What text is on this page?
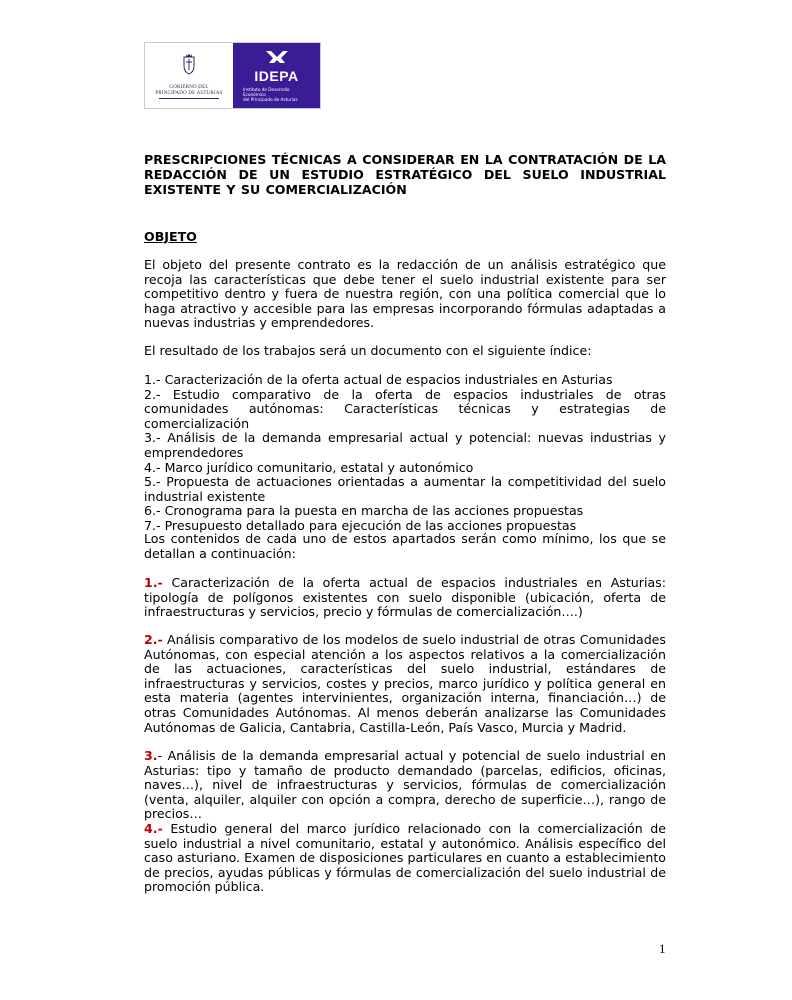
GOBIERNO DEL
PRINCIPADO DE ASTURIAS
IDEPA
Instituto de Desarrollo Económico
del Principado de Asturias
PRESCRIPCIONES TÉCNICAS A CONSIDERAR EN LA CONTRATACIÓN DE LA REDACCIÓN DE UN ESTUDIO ESTRATÉGICO DEL SUELO INDUSTRIAL EXISTENTE Y SU COMERCIALIZACIÓN
OBJETO

El objeto del presente contrato es la redacción de un análisis estratégico que recoja las características que debe tener el suelo industrial existente para ser competitivo dentro y fuera de nuestra región, con una política comercial que lo haga atractivo y accesible para las empresas incorporando fórmulas adaptadas a nuevas industrias y emprendedores.

El resultado de los trabajos será un documento con el siguiente índice:

1.- Caracterización de la oferta actual de espacios industriales en Asturias
2.- Estudio comparativo de la oferta de espacios industriales de otras comunidades autónomas: Características técnicas y estrategias de comercialización
3.- Análisis de la demanda empresarial actual y potencial: nuevas industrias y emprendedores
4.- Marco jurídico comunitario, estatal y autonómico
5.- Propuesta de actuaciones orientadas a aumentar la competitividad del suelo industrial existente
6.- Cronograma para la puesta en marcha de las acciones propuestas
7.- Presupuesto detallado para ejecución de las acciones propuestas

Los contenidos de cada uno de estos apartados serán como mínimo, los que se detallan a continuación:

1.- Caracterización de la oferta actual de espacios industriales en Asturias: tipología de polígonos existentes con suelo disponible (ubicación, oferta de infraestructuras y servicios, precio y fórmulas de comercialización….)

2.- Análisis comparativo de los modelos de suelo industrial de otras Comunidades Autónomas, con especial atención a los aspectos relativos a la comercialización de las actuaciones, características del suelo industrial, estándares de infraestructuras y servicios, costes y precios, marco jurídico y política general en esta materia (agentes intervinientes, organización interna, financiación…) de otras Comunidades Autónomas. Al menos deberán analizarse las Comunidades Autónomas de Galicia, Cantabria, Castilla-León, País Vasco, Murcia y Madrid.

3.- Análisis de la demanda empresarial actual y potencial de suelo industrial en Asturias: tipo y tamaño de producto demandado (parcelas, edificios, oficinas, naves…), nivel de infraestructuras y servicios, fórmulas de comercialización (venta, alquiler, alquiler con opción a compra, derecho de superficie…), rango de precios…

4.- Estudio general del marco jurídico relacionado con la comercialización de suelo industrial a nivel comunitario, estatal y autonómico. Análisis específico del caso asturiano. Examen de disposiciones particulares en cuanto a establecimiento de precios, ayudas públicas y fórmulas de comercialización del suelo industrial de promoción pública.

1
